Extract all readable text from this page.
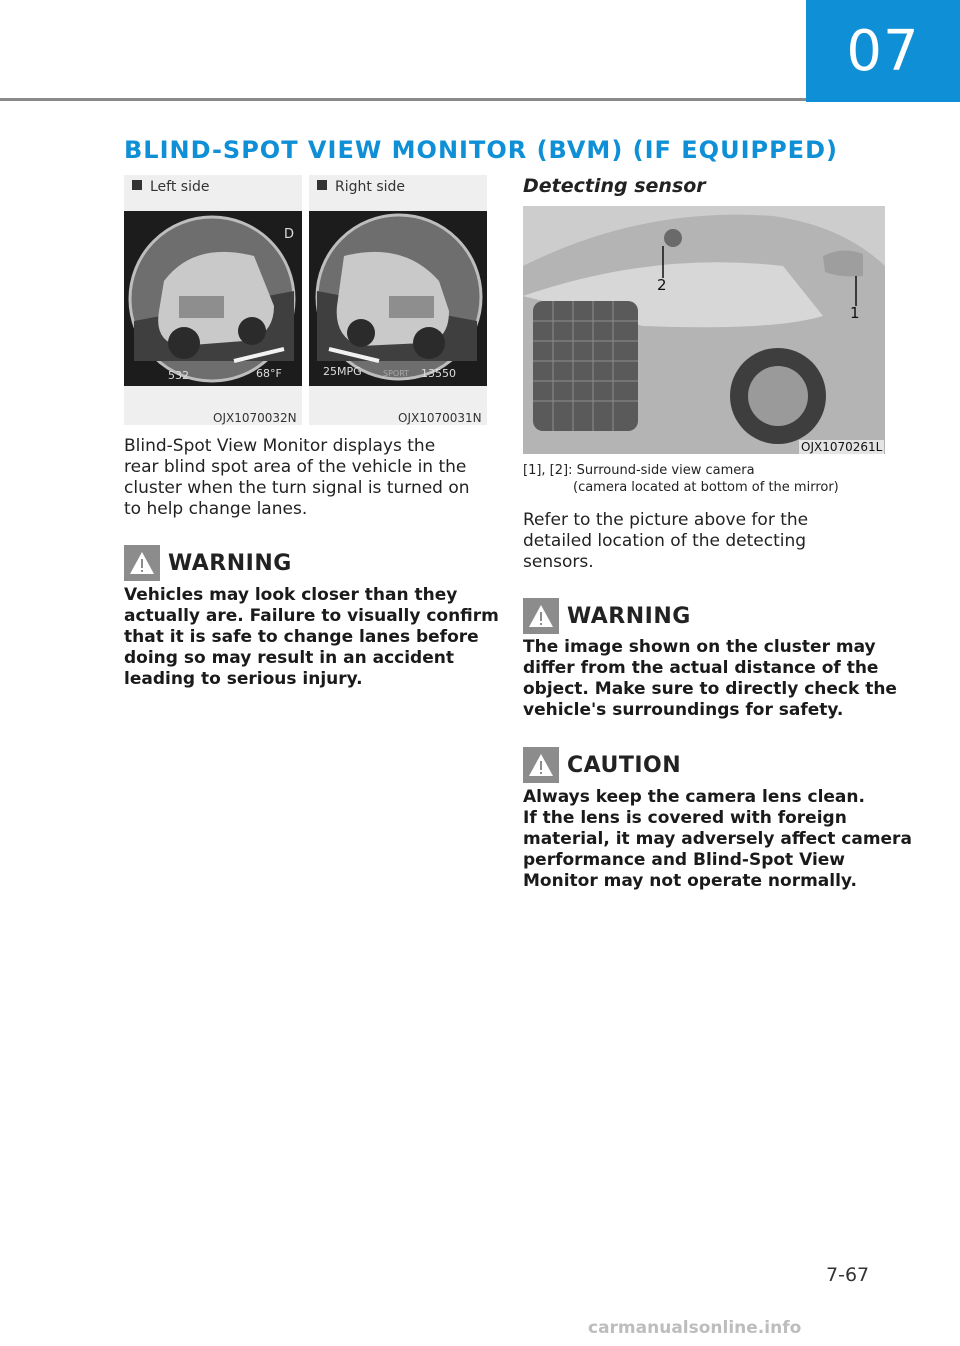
07
BLIND-SPOT VIEW MONITOR (BVM) (IF EQUIPPED)
Left side
D
532	68°F
OJX1070032N
Right side
25MPG	SPORT 13550
OJX1070031N
Blind-Spot View Monitor displays the
rear blind spot area of the vehicle in the
cluster when the turn signal is turned on
to help change lanes.
WARNING
Vehicles may look closer than they
actually are. Failure to visually confirm
that it is safe to change lanes before
doing so may result in an accident
leading to serious injury.
Detecting sensor
2
1
OJX1070261L
[1], [2]: Surround-side view camera
(camera located at bottom of the mirror)
Refer to the picture above for the
detailed location of the detecting
sensors.
WARNING
The image shown on the cluster may
differ from the actual distance of the
object. Make sure to directly check the
vehicle's surroundings for safety.
CAUTION
Always keep the camera lens clean.
If the lens is covered with foreign
material, it may adversely affect camera
performance and Blind-Spot View
Monitor may not operate normally.
7-67
carmanualsonline.info
